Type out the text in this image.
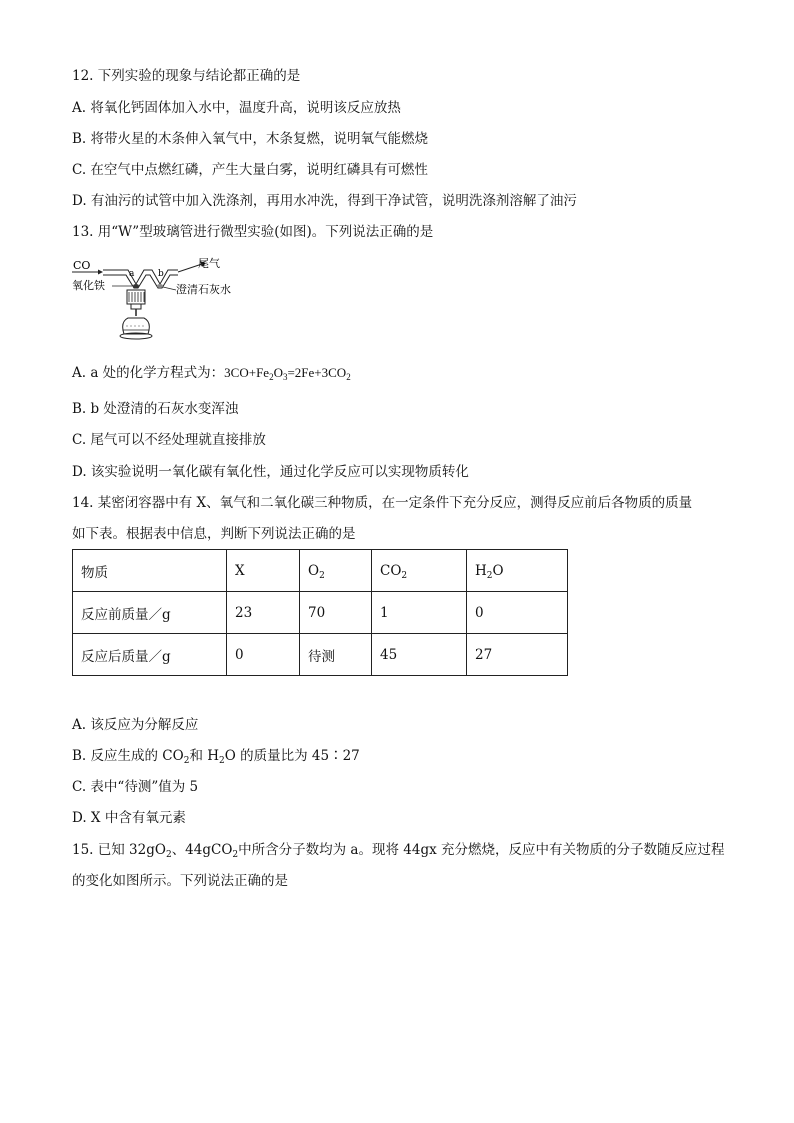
12. 下列实验的现象与结论都正确的是
A. 将氧化钙固体加入水中，温度升高，说明该反应放热
B. 将带火星的木条伸入氧气中，木条复燃，说明氧气能燃烧
C. 在空气中点燃红磷，产生大量白雾，说明红磷具有可燃性
D. 有油污的试管中加入洗涤剂，再用水冲洗，得到干净试管，说明洗涤剂溶解了油污
13. 用“W”型玻璃管进行微型实验(如图)。下列说法正确的是
CO	尾气
a	b
氧化铁	澄清石灰水
A. a 处的化学方程式为：$3CO+Fe_2O_3=2Fe+3CO_2$
B. b 处澄清的石灰水变浑浊
C. 尾气可以不经处理就直接排放
D. 该实验说明一氧化碳有氧化性，通过化学反应可以实现物质转化
14. 某密闭容器中有 X、氧气和二氧化碳三种物质，在一定条件下充分反应，测得反应前后各物质的质量
如下表。根据表中信息，判断下列说法正确的是
物质	X	$O_2$	$CO_2$	$H_2O$
反应前质量／g	23	70	1	0
反应后质量／g	0	待测	45	27
A. 该反应为分解反应
B. 反应生成的 $CO_2$和 $H_2O$ 的质量比为 45∶27
C. 表中“待测”值为 5
D. X 中含有氧元素
15. 已知 $32gO_2$、44gCO$_2$中所含分子数均为 a。现将 44gx 充分燃烧，反应中有关物质的分子数随反应过程
的变化如图所示。下列说法正确的是
